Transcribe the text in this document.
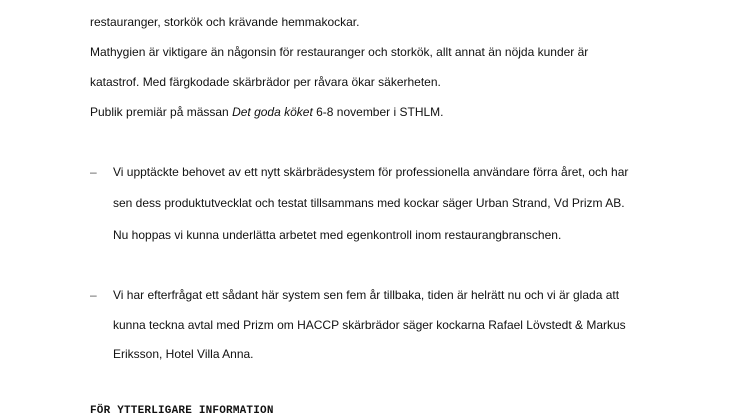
restauranger, storkök och krävande hemmakockar.
Mathygien är viktigare än någonsin för restauranger och storkök, allt annat än nöjda kunder är
katastrof. Med färgkodade skärbrädor per råvara ökar säkerheten.
Publik premiär på mässan Det goda köket 6-8 november i STHLM.
– Vi upptäckte behovet av ett nytt skärbrädesystem för professionella användare förra året, och har
sen dess produktutvecklat och testat tillsammans med kockar säger Urban Strand, Vd Prizm AB.
Nu hoppas vi kunna underlätta arbetet med egenkontroll inom restaurangbranschen.
– Vi har efterfrågat ett sådant här system sen fem år tillbaka, tiden är helrätt nu och vi är glada att
kunna teckna avtal med Prizm om HACCP skärbrädor säger kockarna Rafael Lövstedt & Markus
Eriksson, Hotel Villa Anna.
FÖR YTTERLIGARE INFORMATION
